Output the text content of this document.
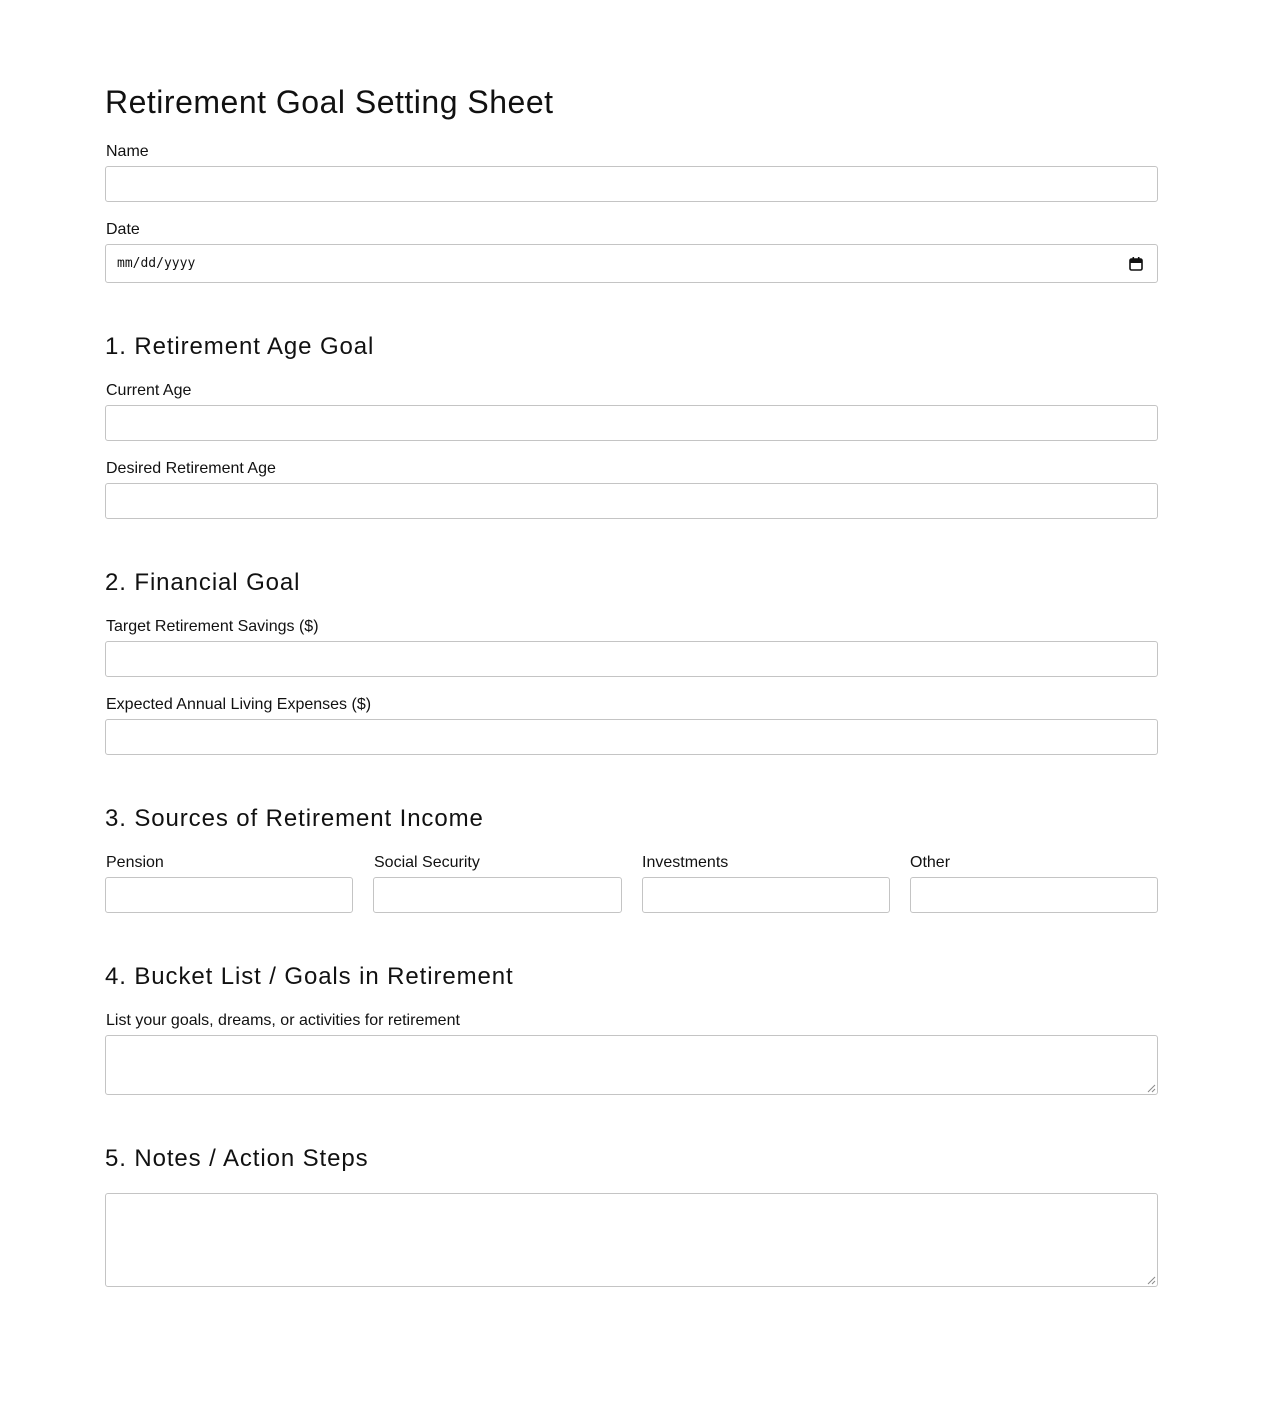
Retirement Goal Setting Sheet
Name
Date
mm/dd/yyyy
1. Retirement Age Goal
Current Age
Desired Retirement Age
2. Financial Goal
Target Retirement Savings ($)
Expected Annual Living Expenses ($)
3. Sources of Retirement Income
Pension	Social Security	Investments	Other
4. Bucket List / Goals in Retirement
List your goals, dreams, or activities for retirement
5. Notes / Action Steps
